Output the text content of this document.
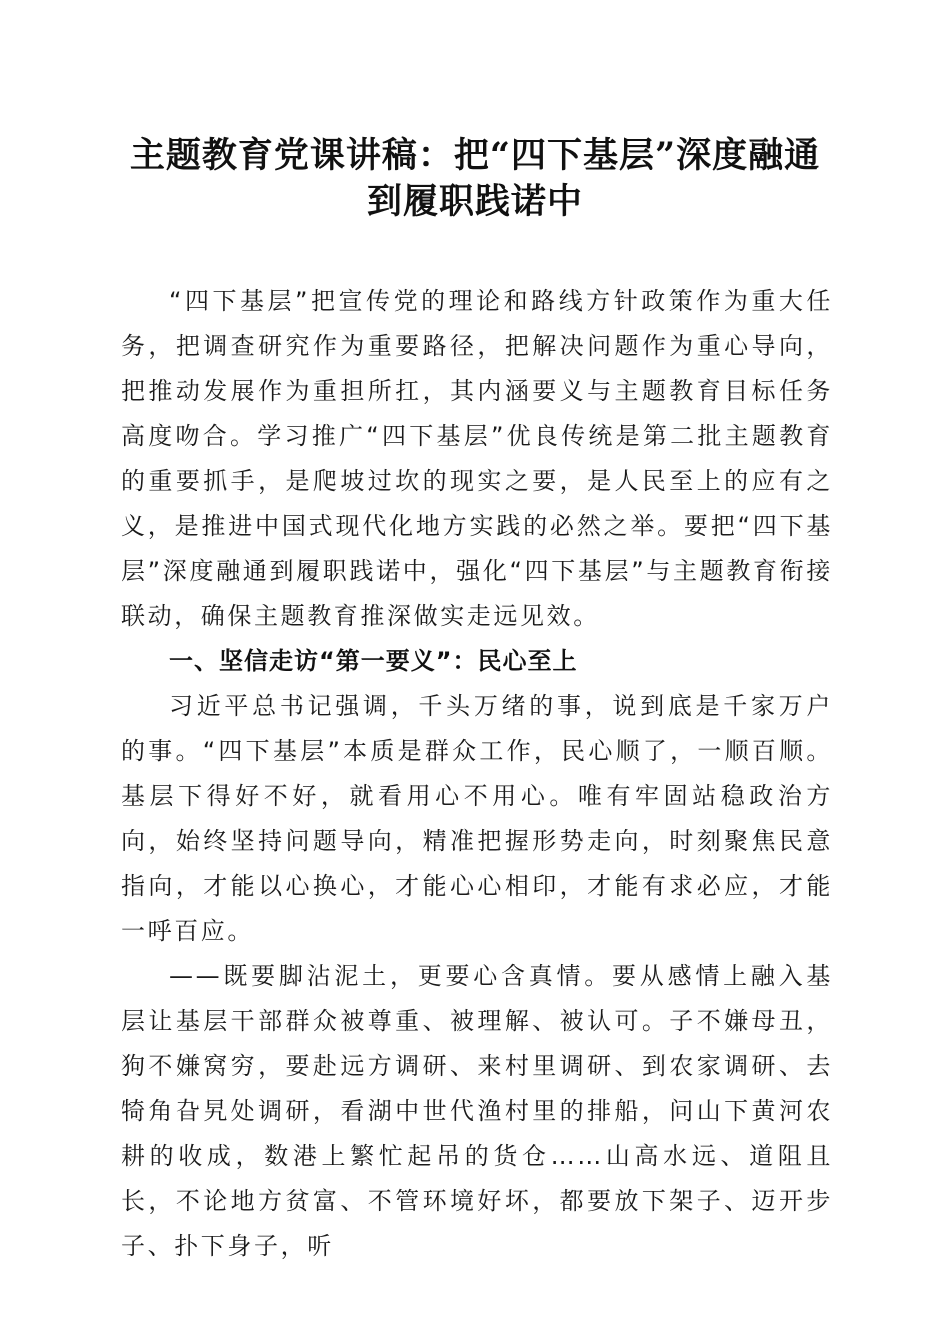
主题教育党课讲稿：把“四下基层”深度融通
到履职践诺中

“四下基层”把宣传党的理论和路线方针政策作为重大任务，把调查研究作为重要路径，把解决问题作为重心导向，把推动发展作为重担所扛，其内涵要义与主题教育目标任务高度吻合。学习推广“四下基层”优良传统是第二批主题教育的重要抓手，是爬坡过坎的现实之要，是人民至上的应有之义，是推进中国式现代化地方实践的必然之举。要把“四下基层”深度融通到履职践诺中，强化“四下基层”与主题教育衔接联动，确保主题教育推深做实走远见效。

一、坚信走访“第一要义”：民心至上

习近平总书记强调，千头万绪的事，说到底是千家万户的事。“四下基层”本质是群众工作，民心顺了，一顺百顺。基层下得好不好，就看用心不用心。唯有牢固站稳政治方向，始终坚持问题导向，精准把握形势走向，时刻聚焦民意指向，才能以心换心，才能心心相印，才能有求必应，才能一呼百应。

——既要脚沾泥土，更要心含真情。要从感情上融入基层让基层干部群众被尊重、被理解、被认可。子不嫌母丑，狗不嫌窝穷，要赴远方调研、来村里调研、到农家调研、去犄角旮旯处调研，看湖中世代渔村里的排船，问山下黄河农耕的收成，数港上繁忙起吊的货仓……山高水远、道阻且长，不论地方贫富、不管环境好坏，都要放下架子、迈开步子、扑下身子，听
